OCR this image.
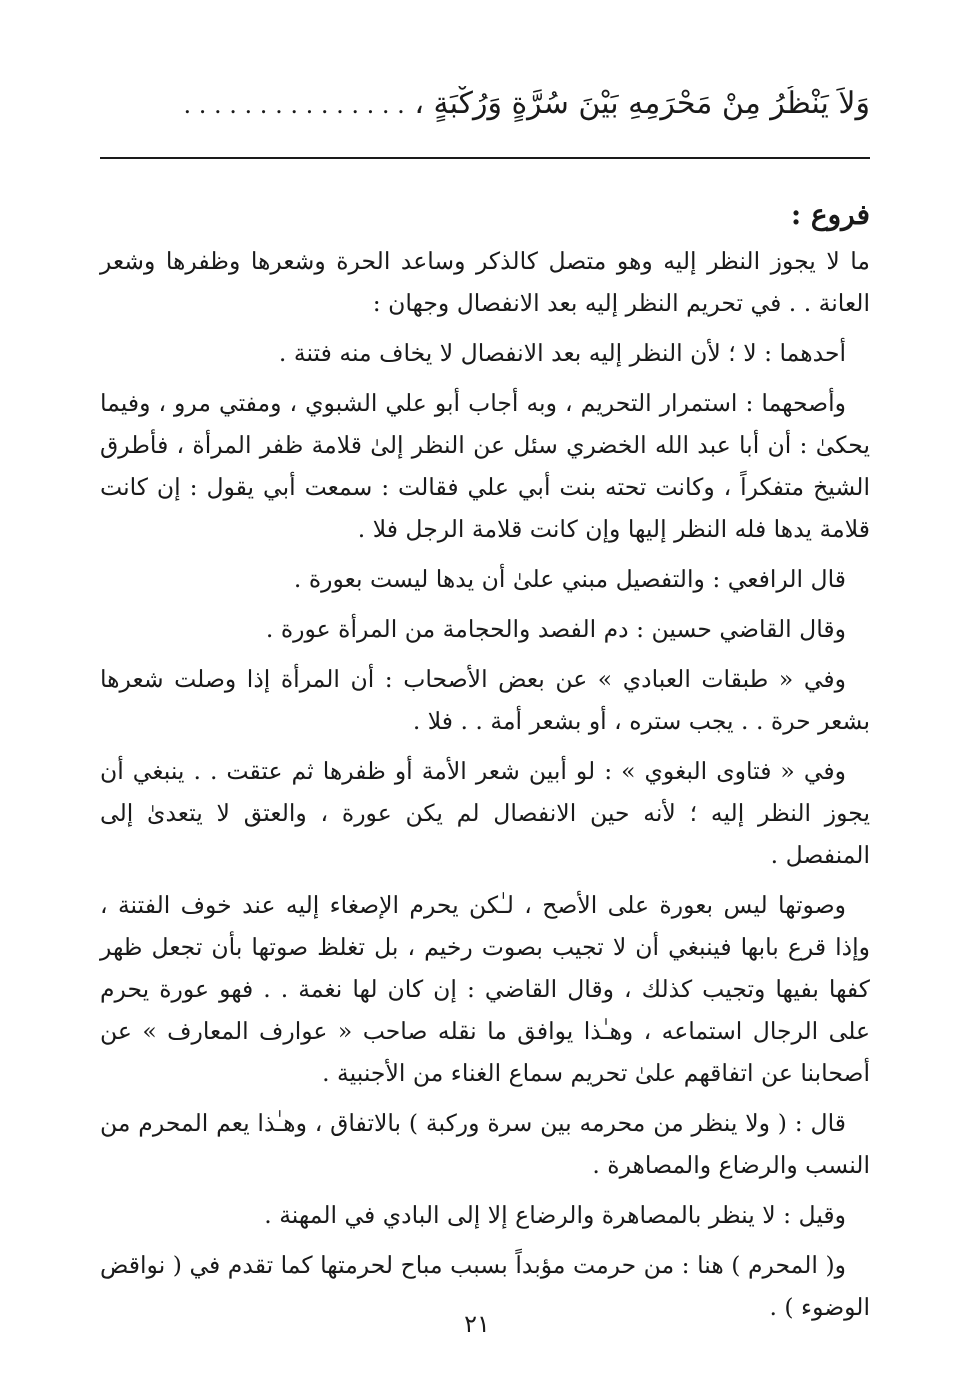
وَلاَ يَنْظُرُ مِنْ مَحْرَمِهِ بَيْنَ سُرَّةٍ وَرُكْبَةٍ ، . . . . . . . . . . . . . . .

فروع :

ما لا يجوز النظر إليه وهو متصل كالذكر وساعد الحرة وشعرها وظفرها وشعر العانة . . في تحريم النظر إليه بعد الانفصال وجهان :

أحدهما : لا ؛ لأن النظر إليه بعد الانفصال لا يخاف منه فتنة .

وأصحهما : استمرار التحريم ، وبه أجاب أبو علي الشبوي ، ومفتي مرو ، وفيما يحكىٰ : أن أبا عبد الله الخضري سئل عن النظر إلىٰ قلامة ظفر المرأة ، فأطرق الشيخ متفكراً ، وكانت تحته بنت أبي علي فقالت : سمعت أبي يقول : إن كانت قلامة يدها فله النظر إليها وإن كانت قلامة الرجل فلا .

قال الرافعي : والتفصيل مبني علىٰ أن يدها ليست بعورة .

وقال القاضي حسين : دم الفصد والحجامة من المرأة عورة .

وفي « طبقات العبادي » عن بعض الأصحاب : أن المرأة إذا وصلت شعرها بشعر حرة . . يجب ستره ، أو بشعر أمة . . فلا .

وفي « فتاوى البغوي » : لو أبين شعر الأمة أو ظفرها ثم عتقت . . ينبغي أن يجوز النظر إليه ؛ لأنه حين الانفصال لم يكن عورة ، والعتق لا يتعدىٰ إلى المنفصل .

وصوتها ليس بعورة على الأصح ، لـٰكن يحرم الإصغاء إليه عند خوف الفتنة ، وإذا قرع بابها فينبغي أن لا تجيب بصوت رخيم ، بل تغلظ صوتها بأن تجعل ظهر كفها بفيها وتجيب كذلك ، وقال القاضي : إن كان لها نغمة . . فهو عورة يحرم على الرجال استماعه ، وهـٰذا يوافق ما نقله صاحب « عوارف المعارف » عن أصحابنا عن اتفاقهم علىٰ تحريم سماع الغناء من الأجنبية .

قال : ( ولا ينظر من محرمه بين سرة وركبة ) بالاتفاق ، وهـٰذا يعم المحرم من النسب والرضاع والمصاهرة .

وقيل : لا ينظر بالمصاهرة والرضاع إلا إلى البادي في المهنة .

و( المحرم ) هنا : من حرمت مؤبداً بسبب مباح لحرمتها كما تقدم في ( نواقض الوضوء ) .

٢١
